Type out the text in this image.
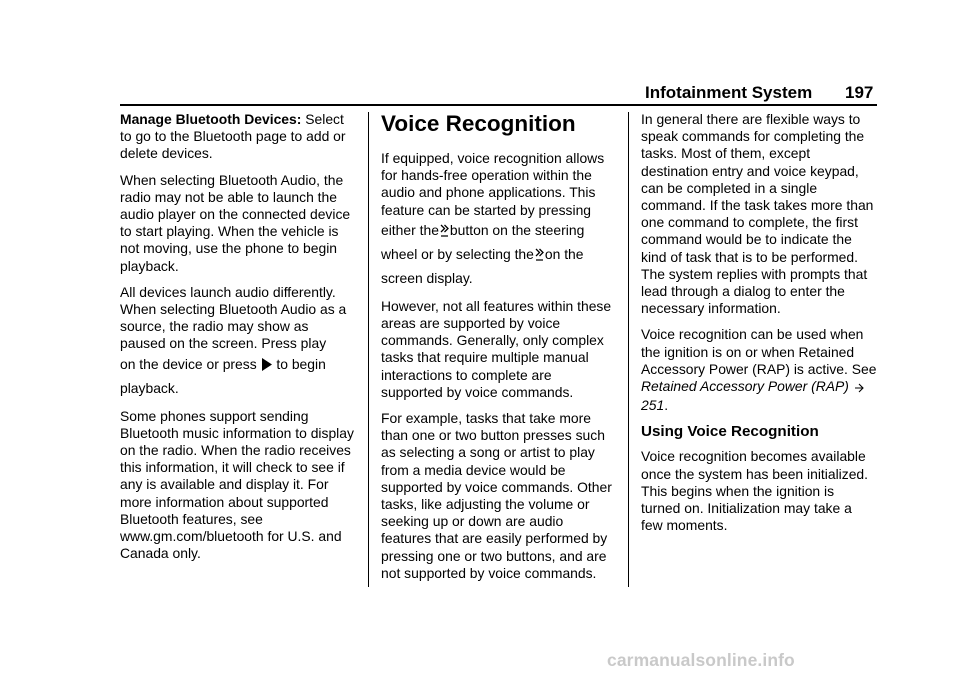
Infotainment System 197

Manage Bluetooth Devices: Select to go to the Bluetooth page to add or delete devices.

When selecting Bluetooth Audio, the radio may not be able to launch the audio player on the connected device to start playing. When the vehicle is not moving, use the phone to begin playback.

All devices launch audio differently. When selecting Bluetooth Audio as a source, the radio may show as paused on the screen. Press play
on the device or press to begin
playback.

Some phones support sending Bluetooth music information to display on the radio. When the radio receives this information, it will check to see if any is available and display it. For more information about supported Bluetooth features, see www.gm.com/bluetooth for U.S. and Canada only.

Voice Recognition

If equipped, voice recognition allows for hands-free operation within the audio and phone applications. This feature can be started by pressing
either the button on the steering
wheel or by selecting the on the
screen display.

However, not all features within these areas are supported by voice commands. Generally, only complex tasks that require multiple manual interactions to complete are supported by voice commands.

For example, tasks that take more than one or two button presses such as selecting a song or artist to play from a media device would be supported by voice commands. Other tasks, like adjusting the volume or seeking up or down are audio features that are easily performed by pressing one or two buttons, and are not supported by voice commands.

In general there are flexible ways to speak commands for completing the tasks. Most of them, except destination entry and voice keypad, can be completed in a single command. If the task takes more than one command to complete, the first command would be to indicate the kind of task that is to be performed. The system replies with prompts that lead through a dialog to enter the necessary information.

Voice recognition can be used when the ignition is on or when Retained Accessory Power (RAP) is active. See Retained Accessory Power (RAP) 251.

Using Voice Recognition

Voice recognition becomes available once the system has been initialized. This begins when the ignition is turned on. Initialization may take a few moments.

carmanualsonline.info
